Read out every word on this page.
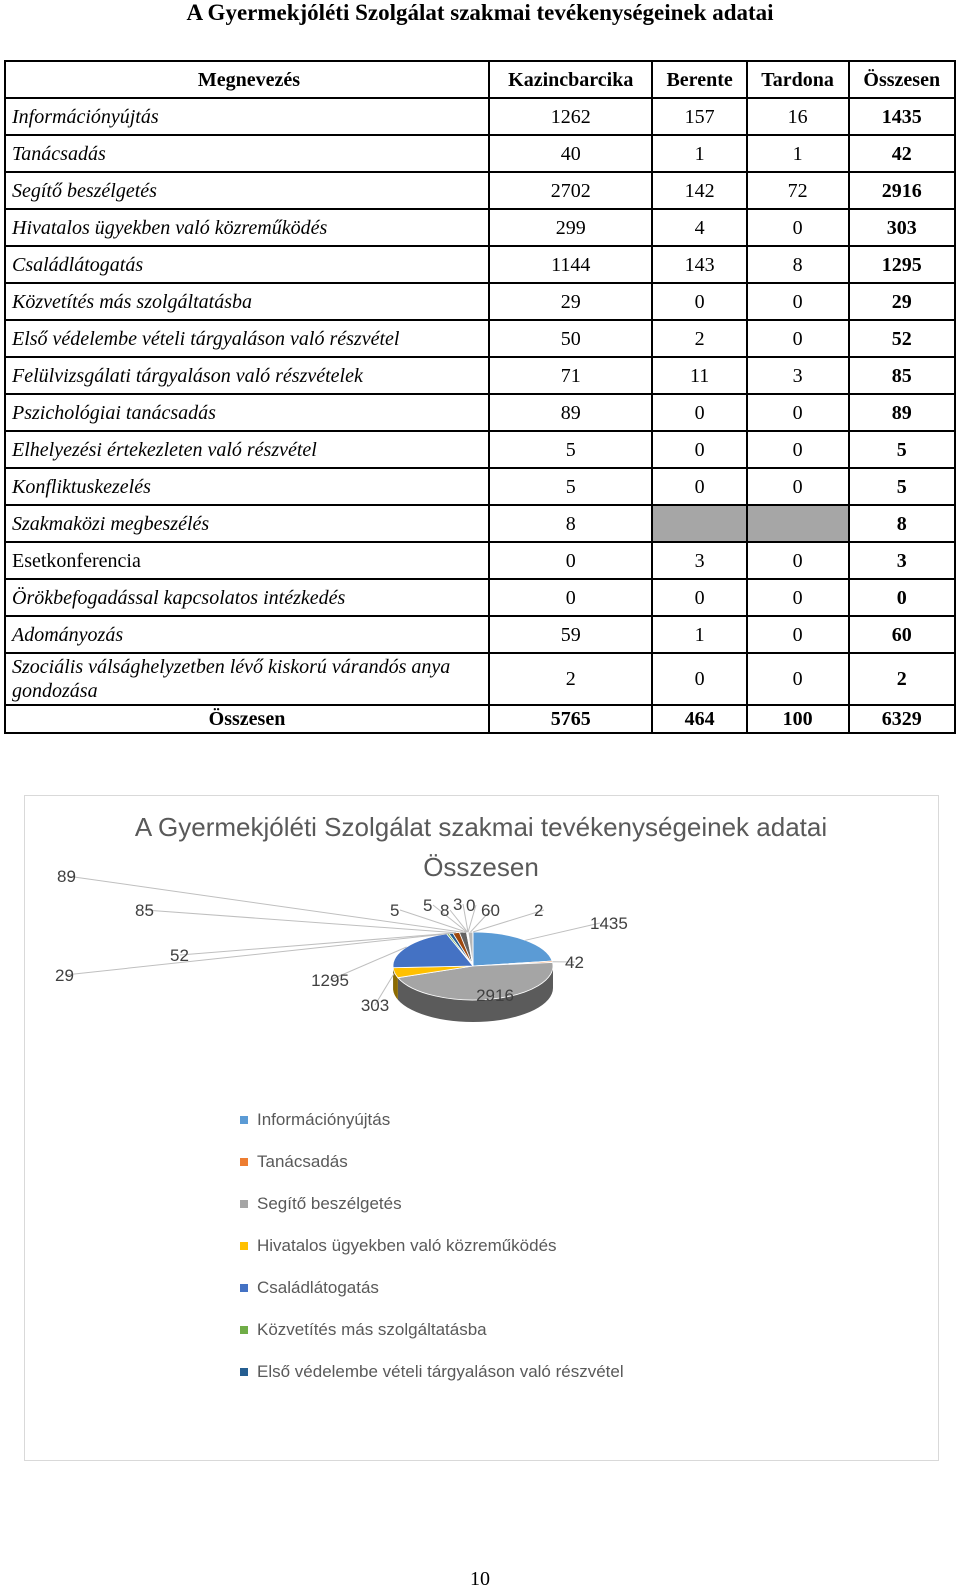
A Gyermekjóléti Szolgálat szakmai tevékenységeinek adatai
Megnevezés	Kazincbarcika	Berente	Tardona	Összesen
Információnyújtás	1262	157	16	1435
Tanácsadás	40	1	1	42
Segítő beszélgetés	2702	142	72	2916
Hivatalos ügyekben való közreműködés	299	4	0	303
Családlátogatás	1144	143	8	1295
Közvetítés más szolgáltatásba	29	0	0	29
Első védelembe vételi tárgyaláson való részvétel	50	2	0	52
Felülvizsgálati tárgyaláson való részvételek	71	11	3	85
Pszichológiai tanácsadás	89	0	0	89
Elhelyezési értekezleten való részvétel	5	0	0	5
Konfliktuskezelés	5	0	0	5
Szakmaközi megbeszélés	8			8
Esetkonferencia	0	3	0	3
Örökbefogadással kapcsolatos intézkedés	0	0	0	0
Adományozás	59	1	0	60
Szociális válsághelyzetben lévő kiskorú várandós anya gondozása	2	0	0	2
Összesen	5765	464	100	6329
A Gyermekjóléti Szolgálat szakmai tevékenységeinek adatai
Összesen
1435
42
2916
303
1295
29
52
85
89
5 5 8 3 0 60 2
Információnyújtás
Tanácsadás
Segítő beszélgetés
Hivatalos ügyekben való közreműködés
Családlátogatás
Közvetítés más szolgáltatásba
Első védelembe vételi tárgyaláson való részvétel
10
